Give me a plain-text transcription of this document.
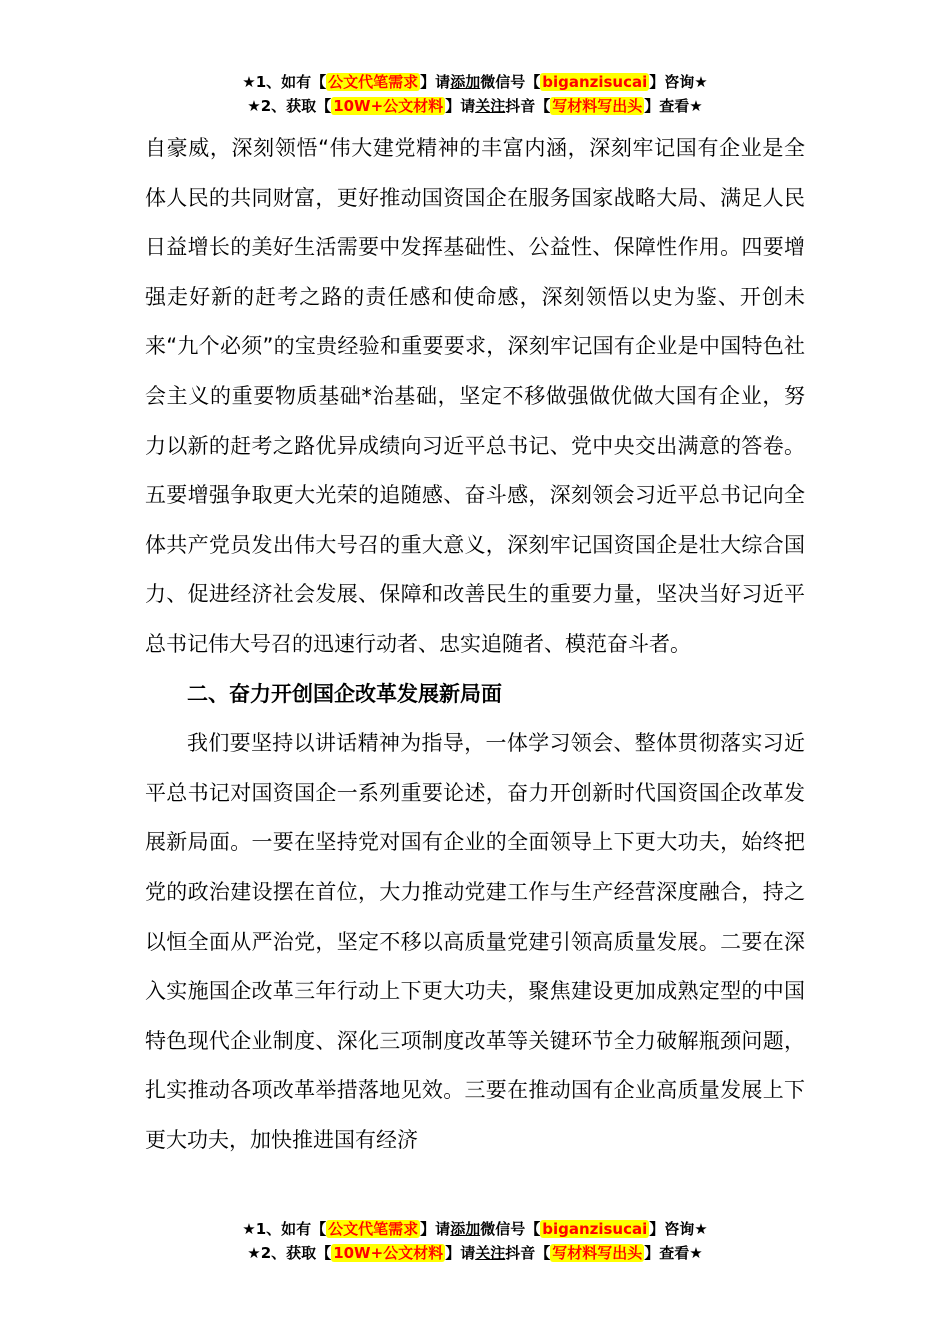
★1、如有【 公文代笔需求 】请添加微信号【 biganzisucai 】咨询★
★2、获取【 10W+公文材料 】请关注抖音【 写材料写出头 】查看★

自豪威，深刻领悟“伟大建党精神的丰富内涵，深刻牢记国有企业是全体人民的共同财富，更好推动国资国企在服务国家战略大局、满足人民日益增长的美好生活需要中发挥基础性、公益性、保障性作用。四要增强走好新的赶考之路的责任感和使命感，深刻领悟以史为鉴、开创未来“九个必须”的宝贵经验和重要要求，深刻牢记国有企业是中国特色社会主义的重要物质基础*治基础，坚定不移做强做优做大国有企业，努力以新的赶考之路优异成绩向习近平总书记、党中央交出满意的答卷。五要增强争取更大光荣的追随感、奋斗感，深刻领会习近平总书记向全体共产党员发出伟大号召的重大意义，深刻牢记国资国企是壮大综合国力、促进经济社会发展、保障和改善民生的重要力量，坚决当好习近平总书记伟大号召的迅速行动者、忠实追随者、模范奋斗者。

二、奋力开创国企改革发展新局面

我们要坚持以讲话精神为指导，一体学习领会、整体贯彻落实习近平总书记对国资国企一系列重要论述，奋力开创新时代国资国企改革发展新局面。一要在坚持党对国有企业的全面领导上下更大功夫，始终把党的政治建设摆在首位，大力推动党建工作与生产经营深度融合，持之以恒全面从严治党，坚定不移以高质量党建引领高质量发展。二要在深入实施国企改革三年行动上下更大功夫，聚焦建设更加成熟定型的中国特色现代企业制度、深化三项制度改革等关键环节全力破解瓶颈问题，扎实推动各项改革举措落地见效。三要在推动国有企业高质量发展上下更大功夫，加快推进国有经济

★1、如有【 公文代笔需求 】请添加微信号【 biganzisucai 】咨询★
★2、获取【 10W+公文材料 】请关注抖音【 写材料写出头 】查看★
